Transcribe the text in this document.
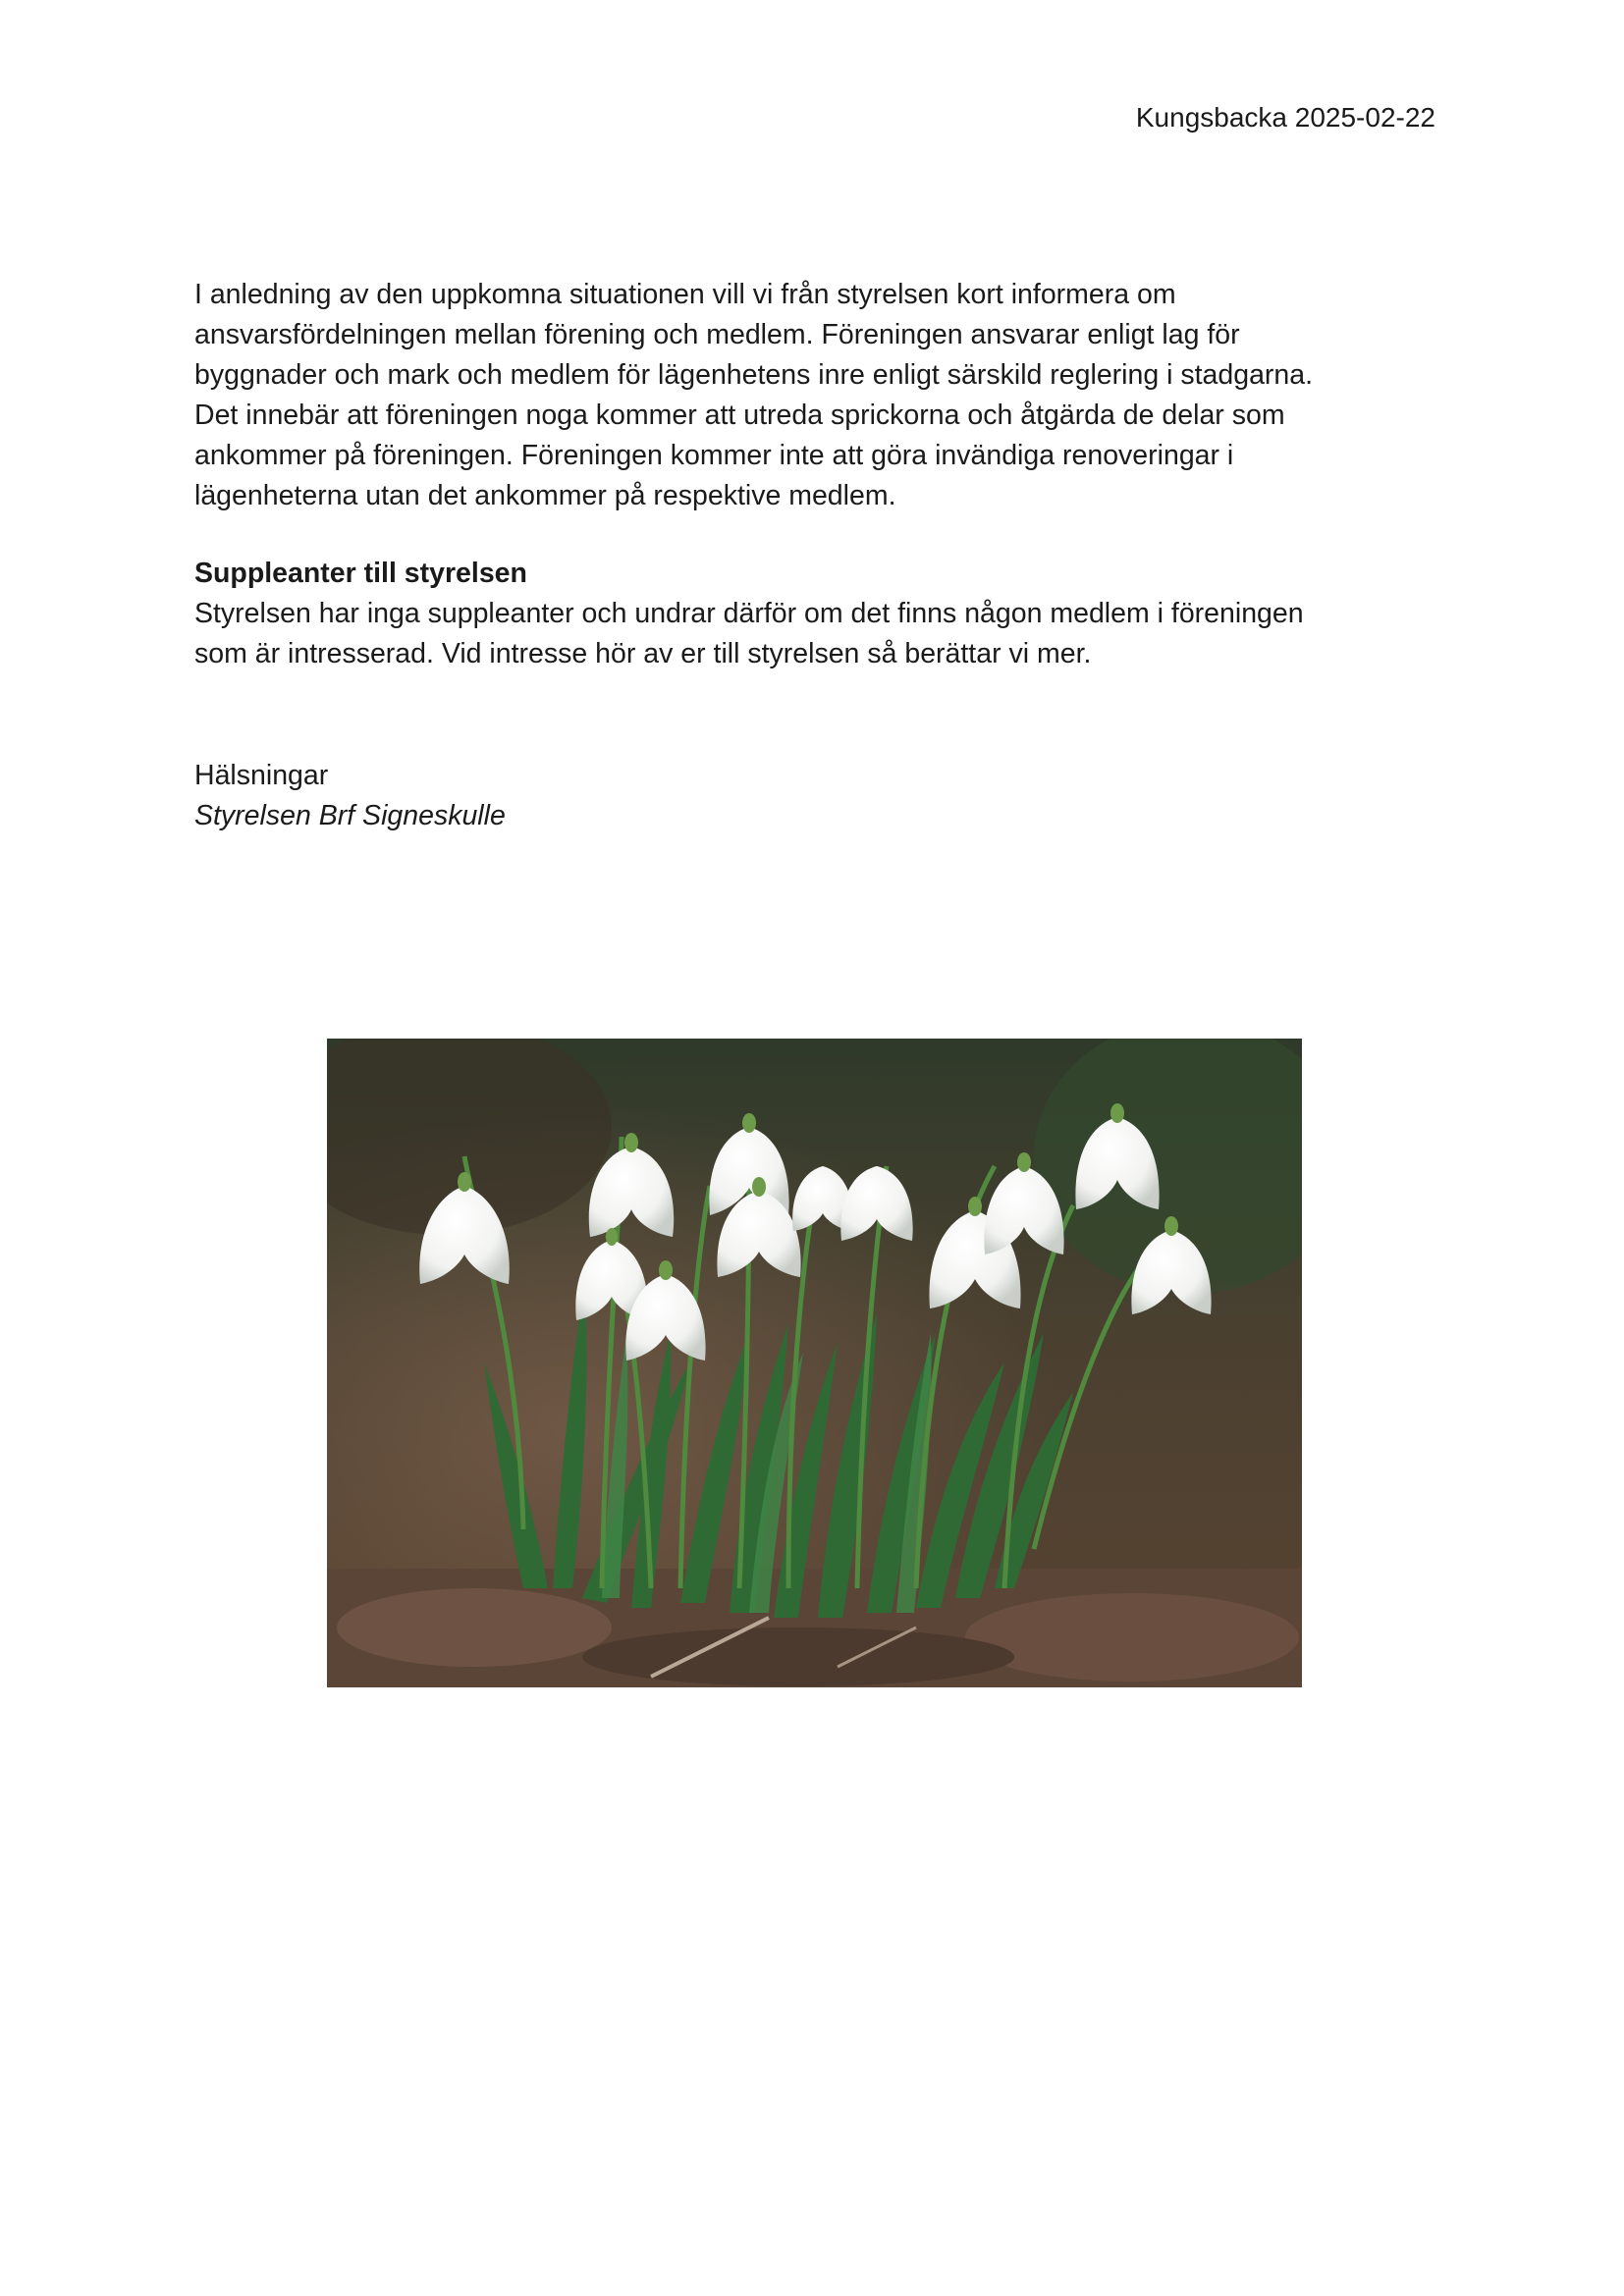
Kungsbacka 2025-02-22
I anledning av den uppkomna situationen vill vi från styrelsen kort informera om
ansvarsfördelningen mellan förening och medlem. Föreningen ansvarar enligt lag för
byggnader och mark och medlem för lägenhetens inre enligt särskild reglering i stadgarna.
Det innebär att föreningen noga kommer att utreda sprickorna och åtgärda de delar som
ankommer på föreningen. Föreningen kommer inte att göra invändiga renoveringar i
lägenheterna utan det ankommer på respektive medlem.
Suppleanter till styrelsen
Styrelsen har inga suppleanter och undrar därför om det finns någon medlem i föreningen
som är intresserad. Vid intresse hör av er till styrelsen så berättar vi mer.
Hälsningar
Styrelsen Brf Signeskulle
